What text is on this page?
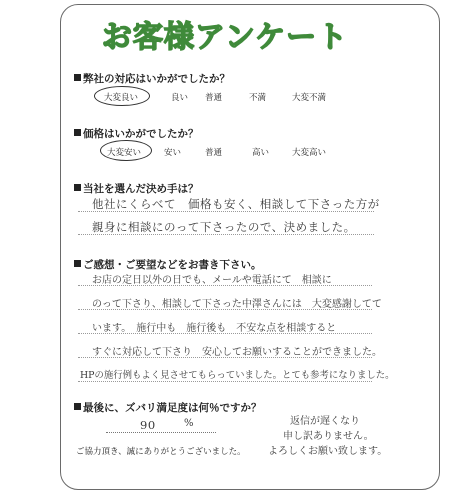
お客様アンケート
弊社の対応はいかがでしたか？
大変良い	良い 普通	不満	大変不満
価格はいかがでしたか？
大変安い	安い	普通	高い	大変高い
当社を選んだ決め手は？
他社にくらべて　価格も安く、相談して下さった方が
親身に相談にのって下さったので、決めました。
ご感想・ご要望などをお書き下さい。
お店の定日以外の日でも、メールや電話にて　相談に
のって下さり、相談して下さった中澤さんには　大変感謝してて
います。　施行中も　施行後も　不安な点を相談すると
すぐに対応して下さり　安心してお願いすることができました。
HPの施行例もよく見させてもらっていました。とても参考になりました。
最後に、ズバリ満足度は何％ですか？
90	%	返信が遅くなり
申し訳ありません。
よろしくお願い致します。
ご協力頂き、誠にありがとうございました。
